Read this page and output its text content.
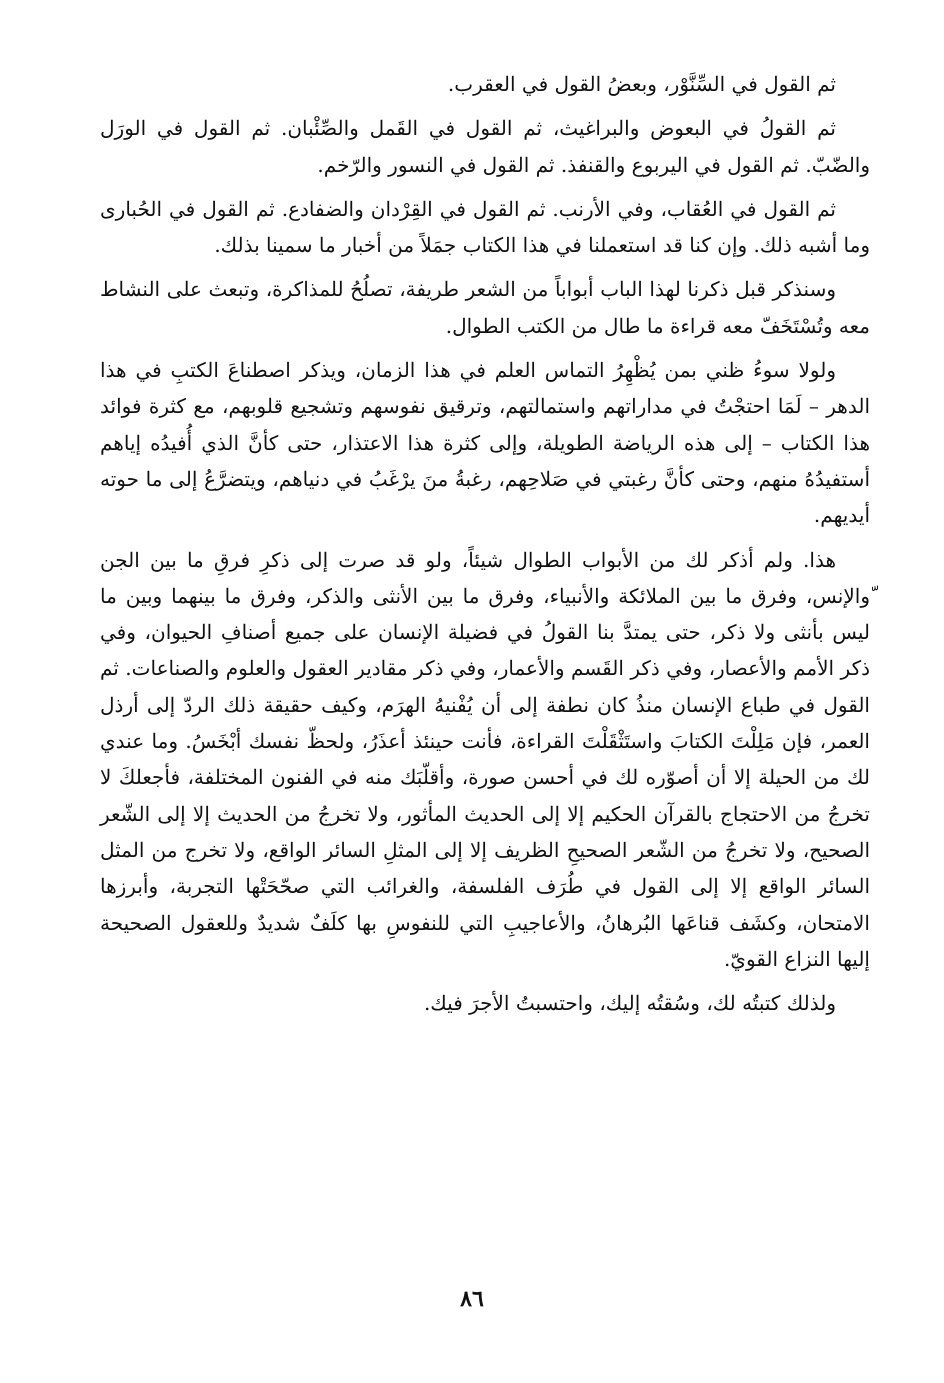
ثم القول في السِّنَّوْر، وبعضُ القول في العقرب.

ثم القولُ في البعوض والبراغيث، ثم القول في القَمل والصِّئْبان. ثم القول في الورَل والضّبّ. ثم القول في اليربوع والقنفذ. ثم القول في النسور والرّخم.

ثم القول في العُقاب، وفي الأرنب. ثم القول في القِرْدان والضفادع. ثم القول في الحُبارى وما أشبه ذلك. وإن كنا قد استعملنا في هذا الكتاب جمَلاً من أخبار ما سمينا بذلك.

وسنذكر قبل ذكرنا لهذا الباب أبواباً من الشعر طريفة، تصلُحُ للمذاكرة، وتبعث على النشاط معه وتُسْتَخَفّ معه قراءة ما طال من الكتب الطوال.

ولولا سوءُ ظني بمن يُظْهِرُ التماس العلم في هذا الزمان، ويذكر اصطناعَ الكتبِ في هذا الدهر – لَمَا احتجْتُ في مداراتهم واستمالتهم، وترقيق نفوسهم وتشجيع قلوبهم، مع كثرة فوائد هذا الكتاب – إلى هذه الرياضة الطويلة، وإلى كثرة هذا الاعتذار، حتى كأنَّ الذي أُفيدُه إياهم أستفيدُهُ منهم، وحتى كأنَّ رغبتي في صَلاحِهم، رغبةُ منَ يرْغَبُ في دنياهم، ويتضرَّعُ إلى ما حوته أيديهم.

هذا. ولم أذكر لك من الأبواب الطوال شيئاً، ولو قد صرت إلى ذكرِ فرقِ ما بين الجن ّوالإنس، وفرق ما بين الملائكة والأنبياء، وفرق ما بين الأنثى والذكر، وفرق ما بينهما وبين ما ليس بأنثى ولا ذكر، حتى يمتدَّ بنا القولُ في فضيلة الإنسان على جميع أصنافِ الحيوان، وفي ذكر الأمم والأعصار، وفي ذكر القَسم والأعمار، وفي ذكر مقادير العقول والعلوم والصناعات. ثم القول في طباع الإنسان منذُ كان نطفة إلى أن يُفْنيهُ الهرَم، وكيف حقيقة ذلك الردّ إلى أرذل العمر، فإن مَلِلْتَ الكتابَ واستَثْقَلْتَ القراءة، فأنت حينئذ أعذَرُ، ولحظّ نفسك أبْخَسُ. وما عندي لك من الحيلة إلا أن أصوّره لك في أحسن صورة، وأقلّبَك منه في الفنون المختلفة، فأجعلكَ لا تخرجُ من الاحتجاج بالقرآن الحكيم إلا إلى الحديث المأثور، ولا تخرجُ من الحديث إلا إلى الشّعر الصحيح، ولا تخرجُ من الشّعر الصحيحِ الظريف إلا إلى المثلِ السائر الواقع، ولا تخرج من المثل السائر الواقع إلا إلى القول في طُرَف الفلسفة، والغرائب التي صحّحَتْها التجربة، وأبرزها الامتحان، وكشَف قناعَها البُرهانُ، والأعاجيبِ التي للنفوسِ بها كلَفٌ شديدٌ وللعقول الصحيحة إليها النزاع القويّ.

ولذلك كتبتُه لك، وسُقتُه إليك، واحتسبتُ الأجرَ فيك.

٨٦
